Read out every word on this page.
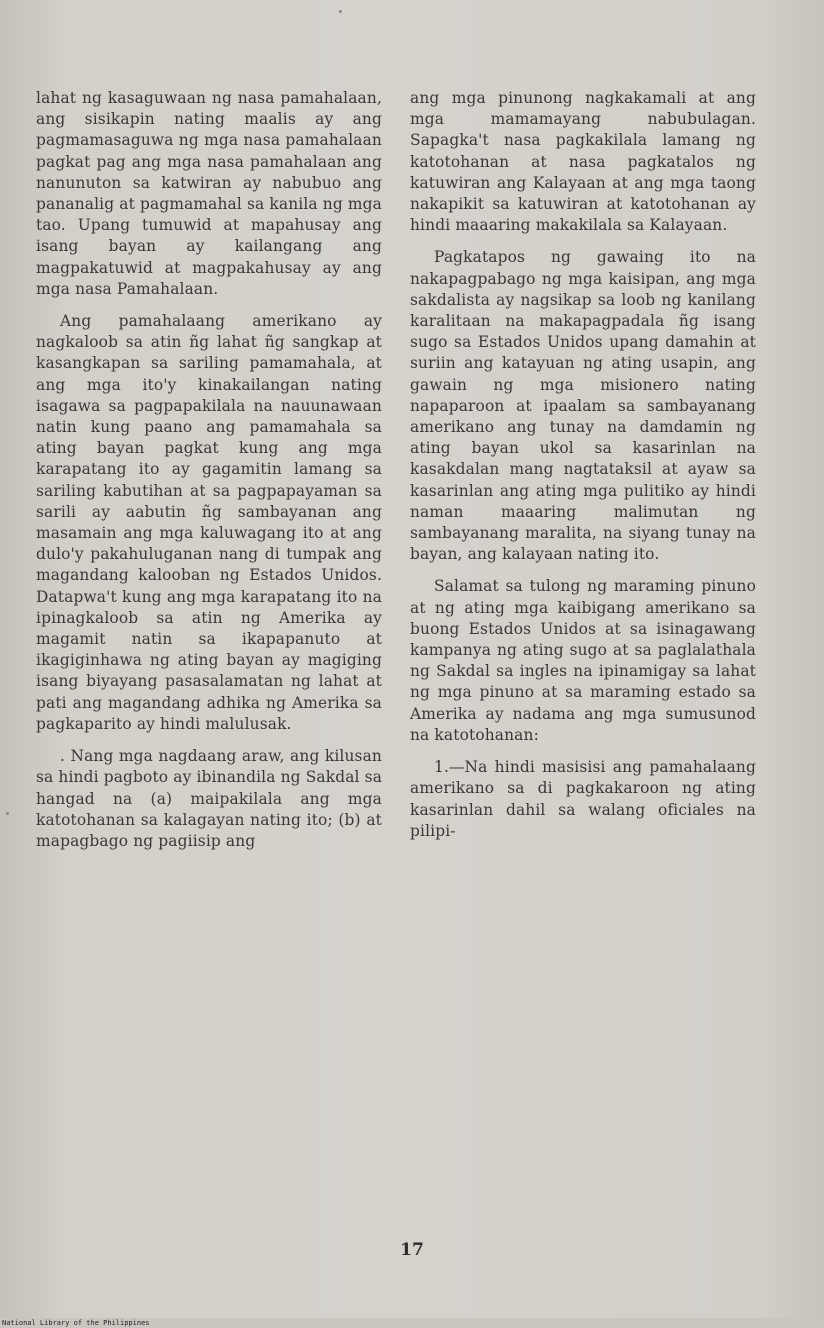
lahat ng kasaguwaan ng nasa pamahalaan, ang sisikapin nating maalis ay ang pagmamasaguwa ng mga nasa pamahalaan pagkat pag ang mga nasa pamahalaan ang nanunuton sa katwiran ay nabubuo ang pananalig at pagmamahal sa kanila ng mga tao. Upang tumuwid at mapahusay ang isang bayan ay kailangang ang magpakatuwid at magpakahusay ay ang mga nasa Pamahalaan.

Ang pamahalaang amerikano ay nagkaloob sa atin ñg lahat ñg sangkap at kasangkapan sa sariling pamamahala, at ang mga ito'y kinakailangan nating isagawa sa pagpapakilala na nauunawaan natin kung paano ang pamamahala sa ating bayan pagkat kung ang mga karapatang ito ay gagamitin lamang sa sariling kabutihan at sa pagpapayaman sa sarili ay aabutin ñg sambayanan ang masamain ang mga kaluwagang ito at ang dulo'y pakahuluganan nang di tumpak ang magandang kalooban ng Estados Unidos. Datapwa't kung ang mga karapatang ito na ipinagkaloob sa atin ng Amerika ay magamit natin sa ikapapanuto at ikagiginhawa ng ating bayan ay magiging isang biyayang pasasalamatan ng lahat at pati ang magandang adhika ng Amerika sa pagkaparito ay hindi malulusak.

. Nang mga nagdaang araw, ang kilusan sa hindi pagboto ay ibinandila ng Sakdal sa hangad na (a) maipakilala ang mga katotohanan sa kalagayan nating ito; (b) at mapagbago ng pagiisip ang

ang mga pinunong nagkakamali at ang mga mamamayang nabubulagan. Sapagka't nasa pagkakilala lamang ng katotohanan at nasa pagkatalos ng katuwiran ang Kalayaan at ang mga taong nakapikit sa katuwiran at katotohanan ay hindi maaaring makakilala sa Kalayaan.

Pagkatapos ng gawaing ito na nakapagpabago ng mga kaisipan, ang mga sakdalista ay nagsikap sa loob ng kanilang karalitaan na makapagpadala ñg isang sugo sa Estados Unidos upang damahin at suriin ang katayuan ng ating usapin, ang gawain ng mga misionero nating napaparoon at ipaalam sa sambayanang amerikano ang tunay na damdamin ng ating bayan ukol sa kasarinlan na kasakdalan mang nagtataksil at ayaw sa kasarinlan ang ating mga pulitiko ay hindi naman maaaring malimutan ng sambayanang maralita, na siyang tunay na bayan, ang kalayaan nating ito.

Salamat sa tulong ng maraming pinuno at ng ating mga kaibigang amerikano sa buong Estados Unidos at sa isinagawang kampanya ng ating sugo at sa paglalathala ng Sakdal sa ingles na ipinamigay sa lahat ng mga pinuno at sa maraming estado sa Amerika ay nadama ang mga sumusunod na katotohanan:

1.—Na hindi masisisi ang pamahalaang amerikano sa di pagkakaroon ng ating kasarinlan dahil sa walang oficiales na pilipi-

17
National Library of the Philippines
